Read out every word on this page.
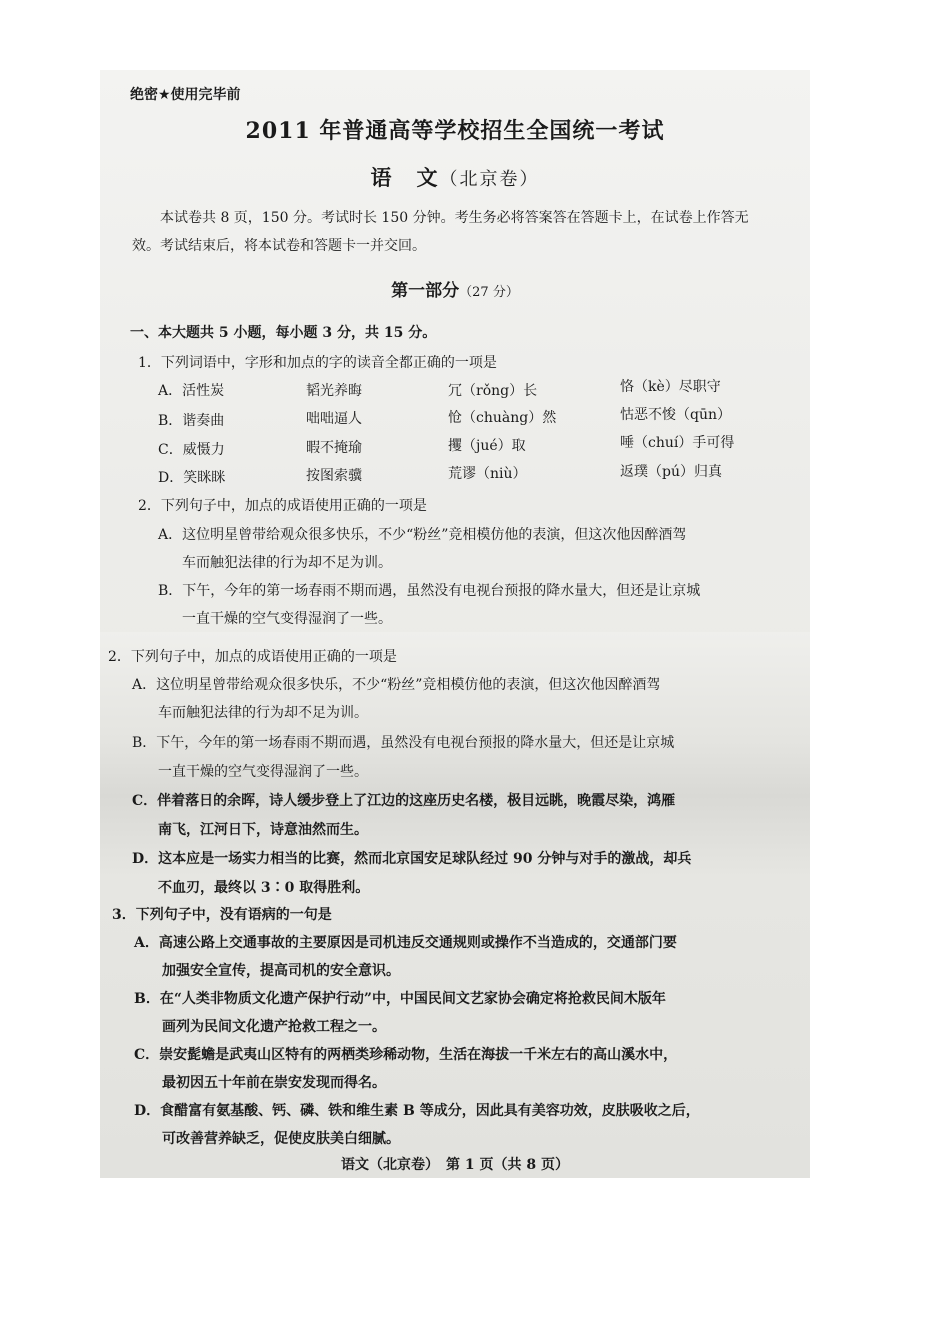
绝密★使用完毕前
2011 年普通高等学校招生全国统一考试
语　文（北京卷）
本试卷共 8 页，150 分。考试时长 150 分钟。考生务必将答案答在答题卡上，在试卷上作答无效。考试结束后，将本试卷和答题卡一并交回。
第一部分（27 分）
一、本大题共 5 小题，每小题 3 分，共 15 分。
1．下列词语中，字形和加点的字的读音全都正确的一项是
A．活性炭	韬光养晦	冗（rǒng）长	恪（kè）尽职守
B．谐奏曲	咄咄逼人	怆（chuàng）然	怙恶不悛（qūn）
C．威慑力	暇不掩瑜	攫（jué）取	唾（chuí）手可得
D．笑眯眯	按图索骥	荒谬（niù）	返璞（pú）归真
2．下列句子中，加点的成语使用正确的一项是
A．这位明星曾带给观众很多快乐，不少“粉丝”竞相模仿他的表演，但这次他因醉酒驾
车而触犯法律的行为却不足为训。
B．下午，今年的第一场春雨不期而遇，虽然没有电视台预报的降水量大，但还是让京城
一直干燥的空气变得湿润了一些。
2．下列句子中，加点的成语使用正确的一项是
A．这位明星曾带给观众很多快乐，不少“粉丝”竞相模仿他的表演，但这次他因醉酒驾
车而触犯法律的行为却不足为训。
B．下午，今年的第一场春雨不期而遇，虽然没有电视台预报的降水量大，但还是让京城
一直干燥的空气变得湿润了一些。
C．伴着落日的余晖，诗人缓步登上了江边的这座历史名楼，极目远眺，晚霞尽染，鸿雁
南飞，江河日下，诗意油然而生。
D．这本应是一场实力相当的比赛，然而北京国安足球队经过 90 分钟与对手的激战，却兵
不血刃，最终以 3∶0 取得胜利。
3．下列句子中，没有语病的一句是
A．高速公路上交通事故的主要原因是司机违反交通规则或操作不当造成的，交通部门要
加强安全宣传，提高司机的安全意识。
B．在“人类非物质文化遗产保护行动”中，中国民间文艺家协会确定将抢救民间木版年
画列为民间文化遗产抢救工程之一。
C．崇安髭蟾是武夷山区特有的两栖类珍稀动物，生活在海拔一千米左右的高山溪水中，
最初因五十年前在崇安发现而得名。
D．食醋富有氨基酸、钙、磷、铁和维生素 B 等成分，因此具有美容功效，皮肤吸收之后，
可改善营养缺乏，促使皮肤美白细腻。
语文（北京卷）　第 1 页（共 8 页）
